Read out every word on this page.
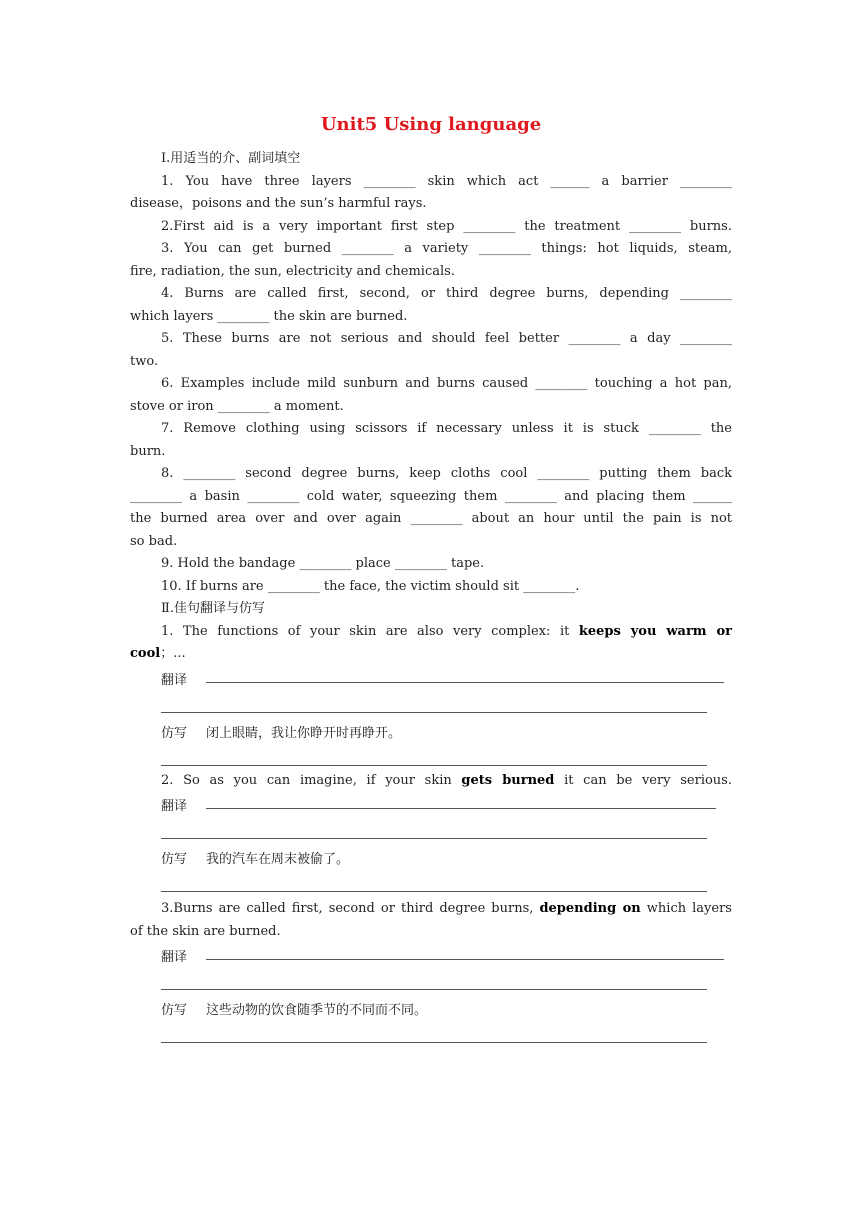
Unit5 Using language
Ⅰ.用适当的介、副词填空
1. You have three layers ________ skin which act ______ a barrier ________
disease，poisons and the sun’s harmful rays.
2.First aid is a very important first step ________ the treatment ________ burns.
3. You can get burned ________ a variety ________ things: hot liquids, steam,
fire, radiation, the sun, electricity and chemicals.
4. Burns are called first, second, or third degree burns, depending ________
which layers ________ the skin are burned.
5. These burns are not serious and should feel better ________ a day ________
two.
6. Examples include mild sunburn and burns caused ________ touching a hot pan,
stove or iron ________ a moment.
7. Remove clothing using scissors if necessary unless it is stuck ________ the
burn.
8. ________ second degree burns, keep cloths cool ________ putting them back
________ a basin ________ cold water, squeezing them ________ and placing them ______
the burned area over and over again ________ about an hour until the pain is not
so bad.
9. Hold the bandage ________ place ________ tape.
10. If burns are ________ the face, the victim should sit ________.
Ⅱ.佳句翻译与仿写
1. The functions of your skin are also very complex: it keeps you warm or
cool；...
翻译
仿写 闭上眼睛，我让你睁开时再睁开。
2. So as you can imagine, if your skin gets burned it can be very serious.
翻译
仿写 我的汽车在周末被偷了。
3.Burns are called first, second or third degree burns, depending on which layers
of the skin are burned.
翻译
仿写 这些动物的饮食随季节的不同而不同。
